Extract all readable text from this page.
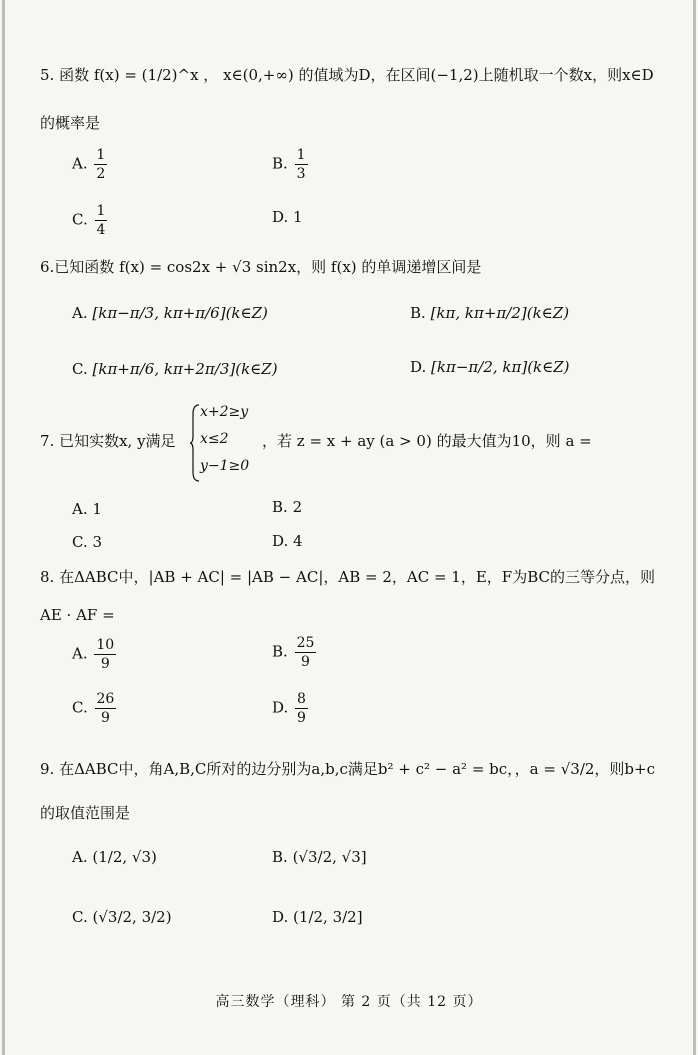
5. 函数 f(x) = (1/2)^x ， x∈(0,+∞) 的值域为D，在区间(−1,2)上随机取一个数x，则x∈D
的概率是
A. $\frac{1}{2}$	B. $\frac{1}{3}$
C. $\frac{1}{4}$	D. 1
6.已知函数 f(x) = cos2x + √3 sin2x，则 f(x) 的单调递增区间是
A. [kπ−π/3, kπ+π/6](k∈Z)	B. [kπ, kπ+π/2](k∈Z)
C. [kπ+π/6, kπ+2π/3](k∈Z)	D. [kπ−π/2, kπ](k∈Z)
7. 已知实数x, y满足
x+2≥y
x≤2
y−1≥0
，若 z = x + ay (a > 0) 的最大值为10，则 a =
A. 1	B. 2
C. 3	D. 4
8. 在ΔABC中，|AB + AC| = |AB − AC|，AB = 2，AC = 1，E，F为BC的三等分点，则
AE · AF =
A. $\frac{10}{9}$	B. $\frac{25}{9}$
C. $\frac{26}{9}$	D. $\frac{8}{9}$
9. 在ΔABC中，角A,B,C所对的边分别为a,b,c满足b² + c² − a² = bc，，a = √3/2，则b+c
的取值范围是
A. (1/2, √3)	B. (√3/2, √3]
C. (√3/2, 3/2)	D. (1/2, 3/2]
高三数学（理科） 第 2 页（共 12 页）
